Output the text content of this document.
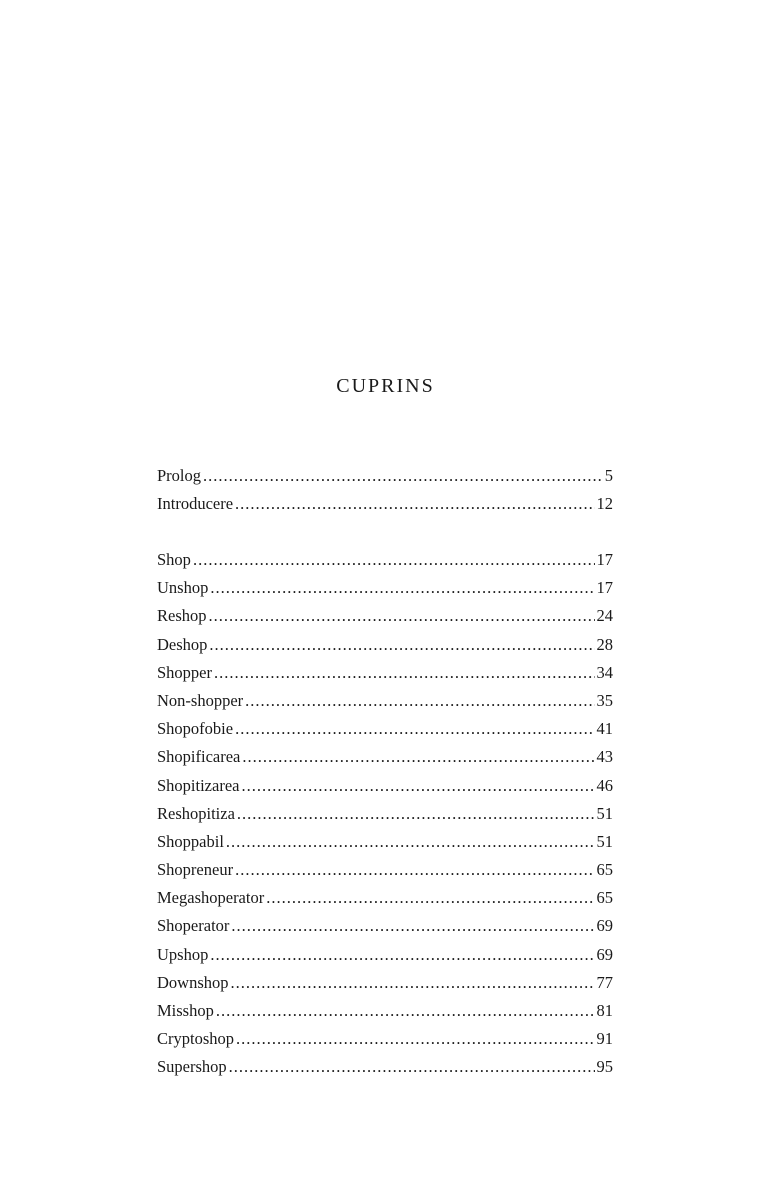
CUPRINS
Prolog .....	5
Introducere .....	12
Shop .....	17
Unshop .....	17
Reshop .....	24
Deshop .....	28
Shopper .....	34
Non-shopper .....	35
Shopofobie .....	41
Shopificarea .....	43
Shopitizarea .....	46
Reshopitiza .....	51
Shoppabil .....	51
Shopreneur .....	65
Megashoperator .....	65
Shoperator .....	69
Upshop .....	69
Downshop .....	77
Misshop .....	81
Cryptoshop .....	91
Supershop .....	95
